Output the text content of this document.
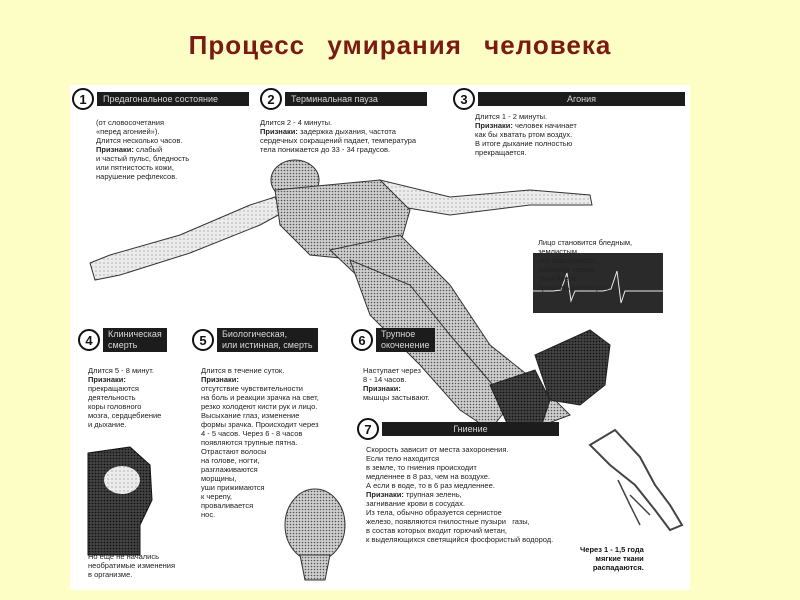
Процесс умирания человека
1	Предагональное состояние
(от словосочетания
«перед агонией»).
Длится несколько часов.
Признаки: слабый
и частый пульс, бледность
или пятнистость кожи,
нарушение рефлексов.
2	Терминальная пауза
Длится 2 - 4 минуты.
Признаки: задержка дыхания, частота
сердечных сокращений падает, температура
тела понижается до 33 - 34 градусов.
3	Агония
Длится 1 - 2 минуты.
Признаки: человек начинает
как бы хватать ртом воздух.
В итоге дыхание полностью
прекращается.
Лицо становится бледным,
землистым,
нос заостряется,
роговица теряет
свой блеск,
приоткрывается рот.
4	Клиническая
смерть
Длится 5 - 8 минут.
Признаки:
прекращаются
деятельность
коры головного
мозга, сердцебиение
и дыхание.
Но еще не начались
необратимые изменения
в организме.
5	Биологическая,
или истинная, смерть
Длится в течение суток.
Признаки:
отсутствие чувствительности
на боль и реакции зрачка на свет,
резко холодеют кисти рук и лицо.
Высыхание глаз, изменение
формы зрачка. Происходит через
4 - 5 часов. Через 6 - 8 часов
появляются трупные пятна.
Отрастают волосы
на голове, ногти,
разглаживаются
морщины,
уши прижимаются
к черепу,
проваливается
нос.
6	Трупное
окоченение
Наступает через
8 - 14 часов.
Признаки:
мышцы застывают.
7	Гниение
Скорость зависит от места захоронения.
Если тело находится
в земле, то гниения происходит
медленнее в 8 раз, чем на воздухе.
А если в воде, то в 6 раз медленнее.
Признаки: трупная зелень,
загнивание крови в сосудах.
Из тела, обычно образуется сернистое
железо, появляются гнилостные пузыри   газы,
в состав которых входит горючий метан,
к выделяющихся светящийся фосфористый водород.
Через 1 - 1,5 года
мягкие ткани
распадаются.
